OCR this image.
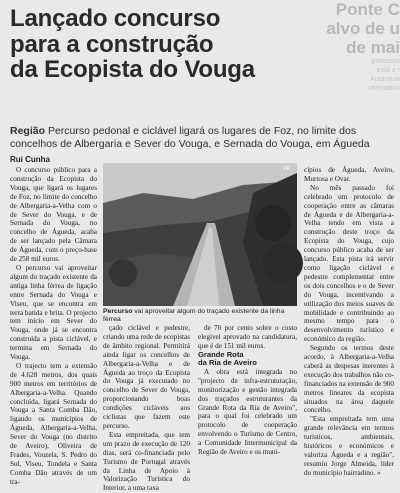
Ponte C
alvo de u
de mai
processo
está a r
Autarquia
alternativa
Lançado concurso
para a construção
da Ecopista do Vouga
Região Percurso pedonal e ciclável ligará os lugares de Foz, no limite dos concelhos de Albergaria e Sever do Vouga, e Sernada do Vouga, em Águeda
Rui Cunha

O concurso público para a construção da Ecopista do Vouga, que ligará os lugares de Foz, no limite do concelho de Albergaria-a-Velha com o de Sever do Vouga, e de Sernada do Vouga, no concelho de Águeda, acaba de ser lançado pela Câmara de Águeda, com o preço-base de 258 mil euros.

O percurso vai aproveitar algum do traçado existente da antiga linha férrea de ligação entre Sernada do Vouga e Viseu, que se encontra em terra batida e brita. O projecto tem início em Sever do Vouga, onde já se encontra construída a pista ciclável, e termina em Sernada do Vouga.

O trajecto tem a extensão de 4.628 metros, dos quais 900 metros em territórios de Albergaria-a-Velha. Quando concluída, ligará Sernada do Vouga a Santa Comba Dão, ligando os municípios de Águeda, Albergaria-a-Velha, Sever do Vouga (no distrito de Aveiro), Oliveira de Frades, Vouzela, S. Pedro do Sul, Viseu, Tondela e Santa Comba Dão através de um tra-

DR
Percurso vai aproveitar algum do traçado existente da linha férrea

çado ciclável e pedestre, criando uma rede de ecopistas de âmbito regional. Permitirá ainda ligar os concelhos de Albergaria-a-Velha e de Águeda ao troço da Ecopista do Vouga já executado no concelho de Sever do Vouga, proporcionando boas condições cicláveis aos ciclistas que fazem este percurso.

Esta empreitada, que tem um prazo de execução de 120 dias, será co-financiada pelo Turismo de Portugal através da Linha de Apoio à Valorização Turística do Interior, a uma taxa

de 70 por cento sobre o custo elegível aprovado na candidatura, que é de 151 mil euros.

Grande Rota
da Ria de Aveiro

A obra está integrada no "projecto de infra-estruturação, monitorização e gestão integrada dos traçados estruturantes da Grande Rota da Ria de Aveiro", para o qual foi celebrado um protocolo de cooperação envolvendo o Turismo de Centro, a Comunidade Intermunicipal da Região de Aveiro e os muni-

cípios de Águeda, Aveiro, Murtosa e Ovar.

No mês passado foi celebrado um protocolo de cooperação entre as câmaras de Águeda e de Albergaria-a-Velha tendo em vista a construção deste troço da Ecopista do Vouga, cujo concurso público acaba de ser lançado. Esta pista irá servir como ligação ciclável e pedestre complementar entre os dois concelhos e o de Sever do Vouga, incentivando a utilização dos meios suaves de mobilidade e contribuindo ao mesmo tempo para o desenvolvimento turístico e económico da região.

Segundo os termos deste acordo, à Albergaria-a-Velha caberá as despesas inerentes à execução dos trabalhos não co-financiados na extensão de 900 metros lineares da ecopista situados na área daquele concelho.

"Esta empreitada tem uma grande relevância em termos turísticos, ambientais, históricos e económicos e valoriza Águeda e a região", resumiu Jorge Almeida, líder do município bairradino. »
